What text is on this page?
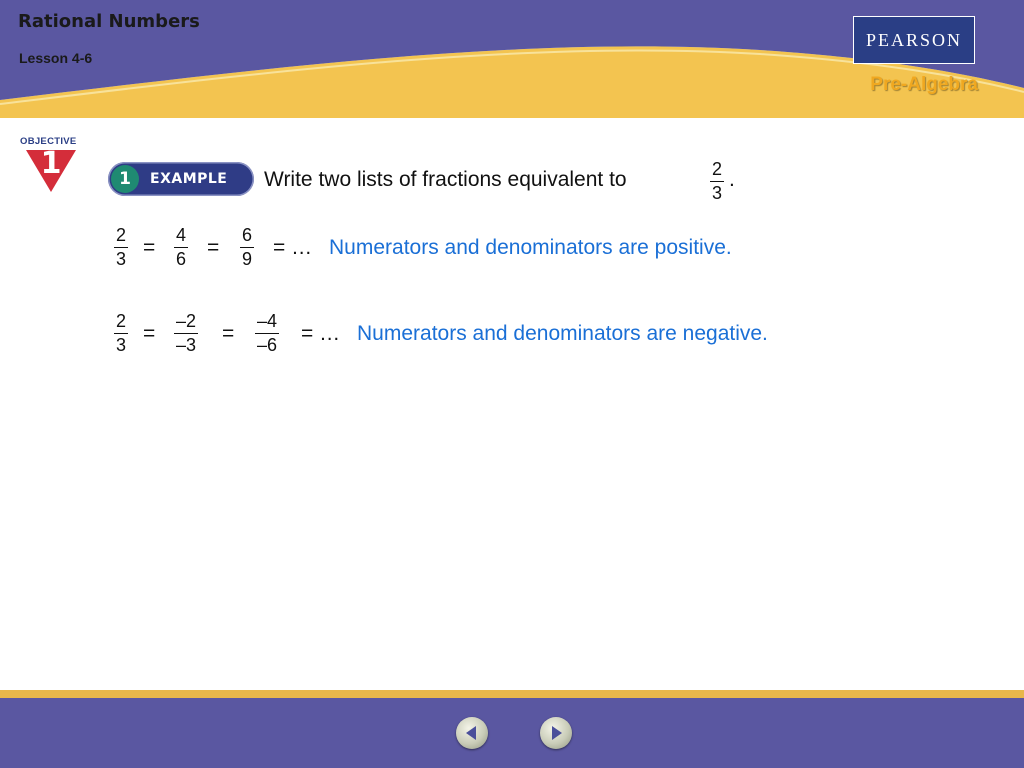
Rational Numbers
Lesson 4-6
PEARSON
Pre-Algebra
OBJECTIVE
1	1	EXAMPLE Write two lists of fractions equivalent to	2
3
.
2
3
=
4
6
=
6
9
= … Numerators and denominators are positive.
2
3
=
–2
–3
=
–4
–6
= … Numerators and denominators are negative.
